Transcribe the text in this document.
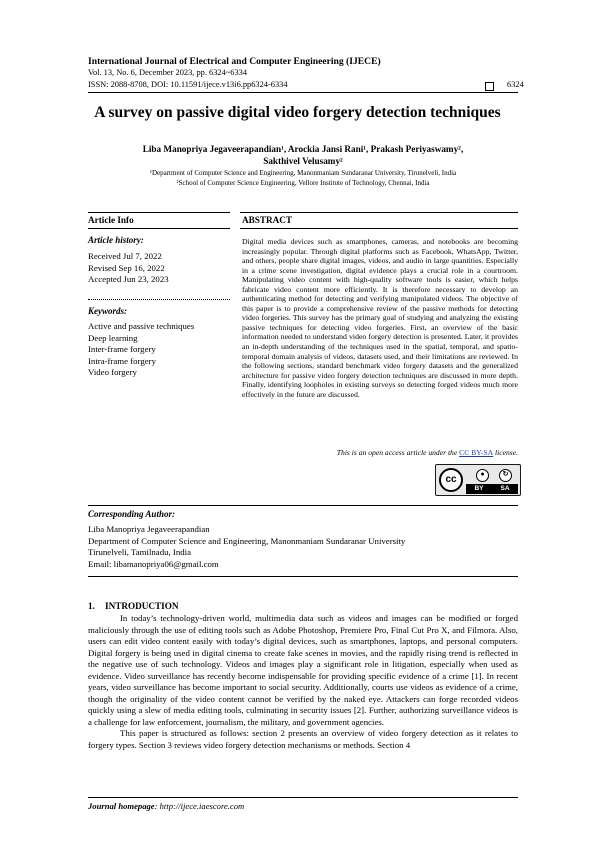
International Journal of Electrical and Computer Engineering (IJECE)
Vol. 13, No. 6, December 2023, pp. 6324~6334
ISSN: 2088-8708, DOI: 10.11591/ijece.v13i6.pp6324-6334	6324
A survey on passive digital video forgery detection techniques
Liba Manopriya Jegaveerapandian¹, Arockia Jansi Rani¹, Prakash Periyaswamy²,
Sakthivel Velusamy²
¹Department of Computer Science and Engineering, Manonmaniam Sundaranar University, Tirunelveli, India
²School of Computer Science Engineering, Vellore Institute of Technology, Chennai, India
Article Info
Article history:
Received Jul 7, 2022
Revised Sep 16, 2022
Accepted Jun 23, 2023
Keywords:
Active and passive techniques
Deep learning
Inter-frame forgery
Intra-frame forgery
Video forgery
ABSTRACT
Digital media devices such as smartphones, cameras, and notebooks are becoming increasingly popular. Through digital platforms such as Facebook, WhatsApp, Twitter, and others, people share digital images, videos, and audio in large quantities. Especially in a crime scene investigation, digital evidence plays a crucial role in a courtroom. Manipulating video content with high-quality software tools is easier, which helps fabricate video content more efficiently. It is therefore necessary to develop an authenticating method for detecting and verifying manipulated videos. The objective of this paper is to provide a comprehensive review of the passive methods for detecting video forgeries. This survey has the primary goal of studying and analyzing the existing passive techniques for detecting video forgeries. First, an overview of the basic information needed to understand video forgery detection is presented. Later, it provides an in-depth understanding of the techniques used in the spatial, temporal, and spatio-temporal domain analysis of videos, datasets used, and their limitations are reviewed. In the following sections, standard benchmark video forgery datasets and the generalized architecture for passive video forgery detection techniques are discussed in more depth. Finally, identifying loopholes in existing surveys so detecting forged videos much more effectively in the future are discussed.
This is an open access article under the CC BY-SA license.
cc	●	↻
BY	SA
Corresponding Author:
Liba Manopriya Jegaveerapandian
Department of Computer Science and Engineering, Manonmaniam Sundaranar University
Tirunelveli, Tamilnadu, India
Email: libamanopriya06@gmail.com
1. INTRODUCTION

In today’s technology-driven world, multimedia data such as videos and images can be modified or forged maliciously through the use of editing tools such as Adobe Photoshop, Premiere Pro, Final Cut Pro X, and Filmora. Also, users can edit video content easily with today’s digital devices, such as smartphones, laptops, and personal computers. Digital forgery is being used in digital cinema to create fake scenes in movies, and the rapidly rising trend is reflected in the negative use of such technology. Videos and images play a significant role in litigation, especially when used as evidence. Video surveillance has recently become indispensable for providing specific evidence of a crime [1]. In recent years, video surveillance has become important to social security. Additionally, courts use videos as evidence of a crime, though the originality of the video content cannot be verified by the naked eye. Attackers can forge recorded videos quickly using a slew of media editing tools, culminating in security issues [2]. Further, authorizing surveillance videos is a challenge for law enforcement, journalism, the military, and government agencies.

This paper is structured as follows: section 2 presents an overview of video forgery detection as it relates to forgery types. Section 3 reviews video forgery detection mechanisms or methods. Section 4

Journal homepage: http://ijece.iaescore.com
